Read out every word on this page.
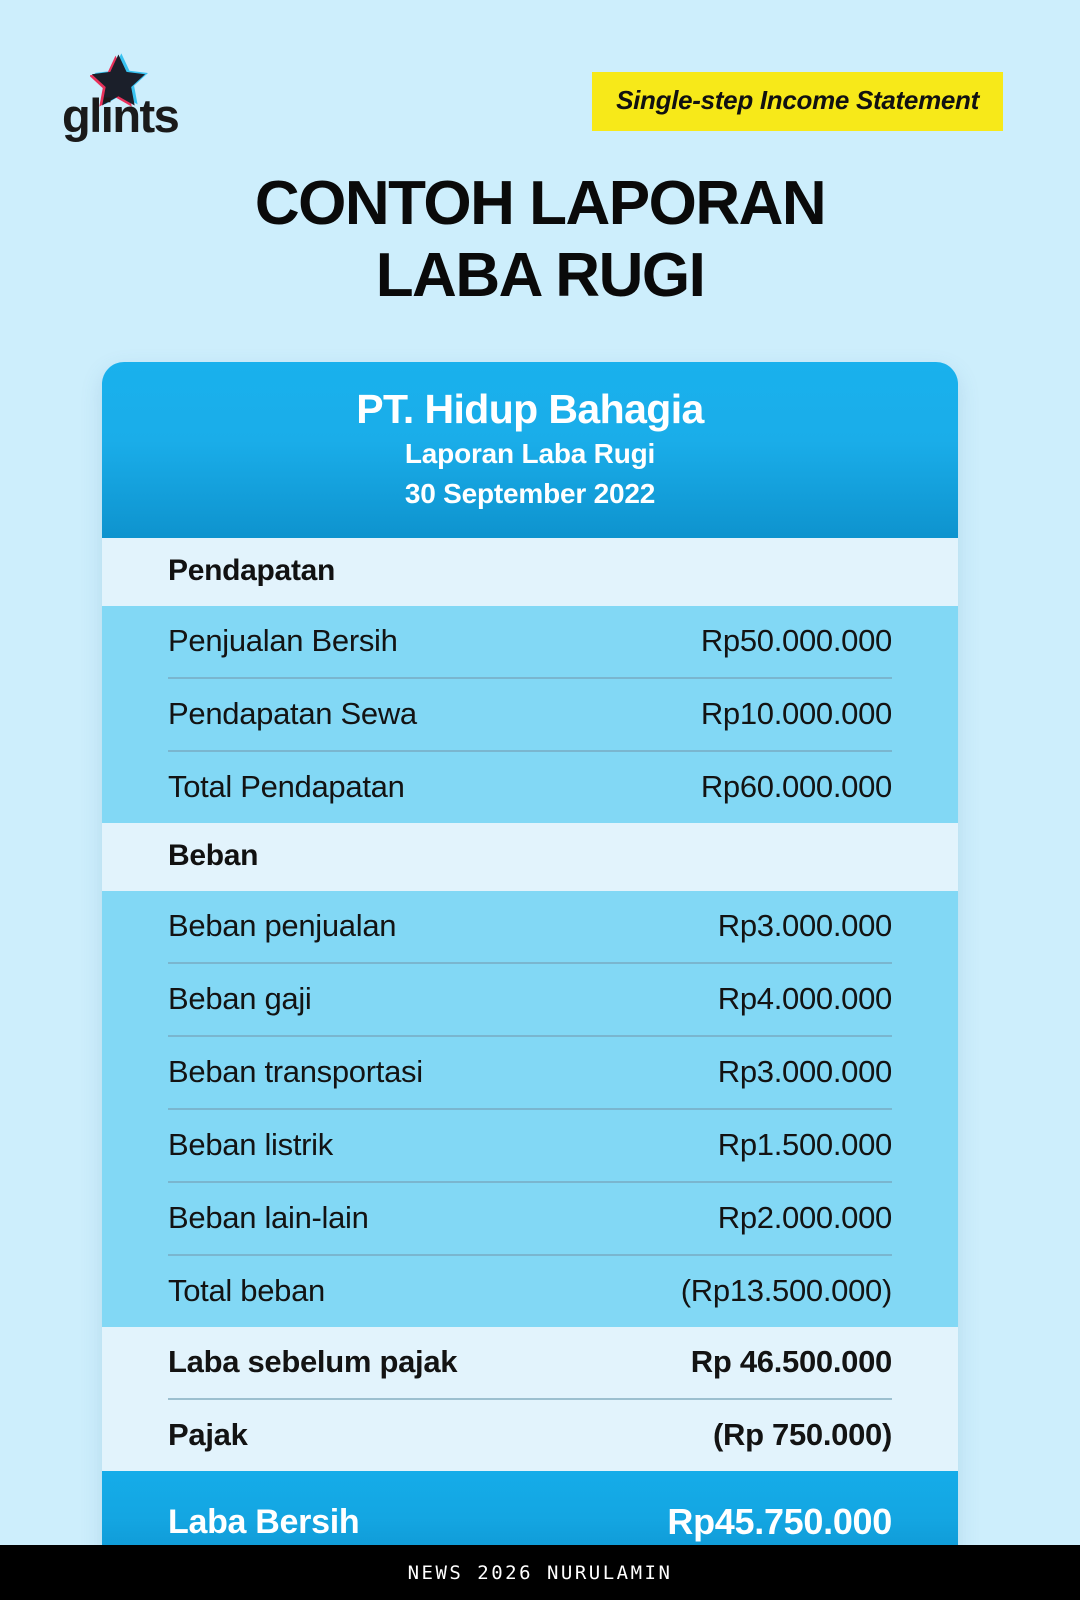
glints	Single-step Income Statement
CONTOH LAPORAN
LABA RUGI
PT. Hidup Bahagia
Laporan Laba Rugi
30 September 2022
Pendapatan
Penjualan Bersih	Rp50.000.000
Pendapatan Sewa	Rp10.000.000
Total Pendapatan	Rp60.000.000
Beban
Beban penjualan	Rp3.000.000
Beban gaji	Rp4.000.000
Beban transportasi	Rp3.000.000
Beban listrik	Rp1.500.000
Beban lain-lain	Rp2.000.000
Total beban	(Rp13.500.000)
Laba sebelum pajak	Rp 46.500.000
Pajak	(Rp 750.000)
Laba Bersih	Rp45.750.000
NEWS 2026 NURULAMIN
